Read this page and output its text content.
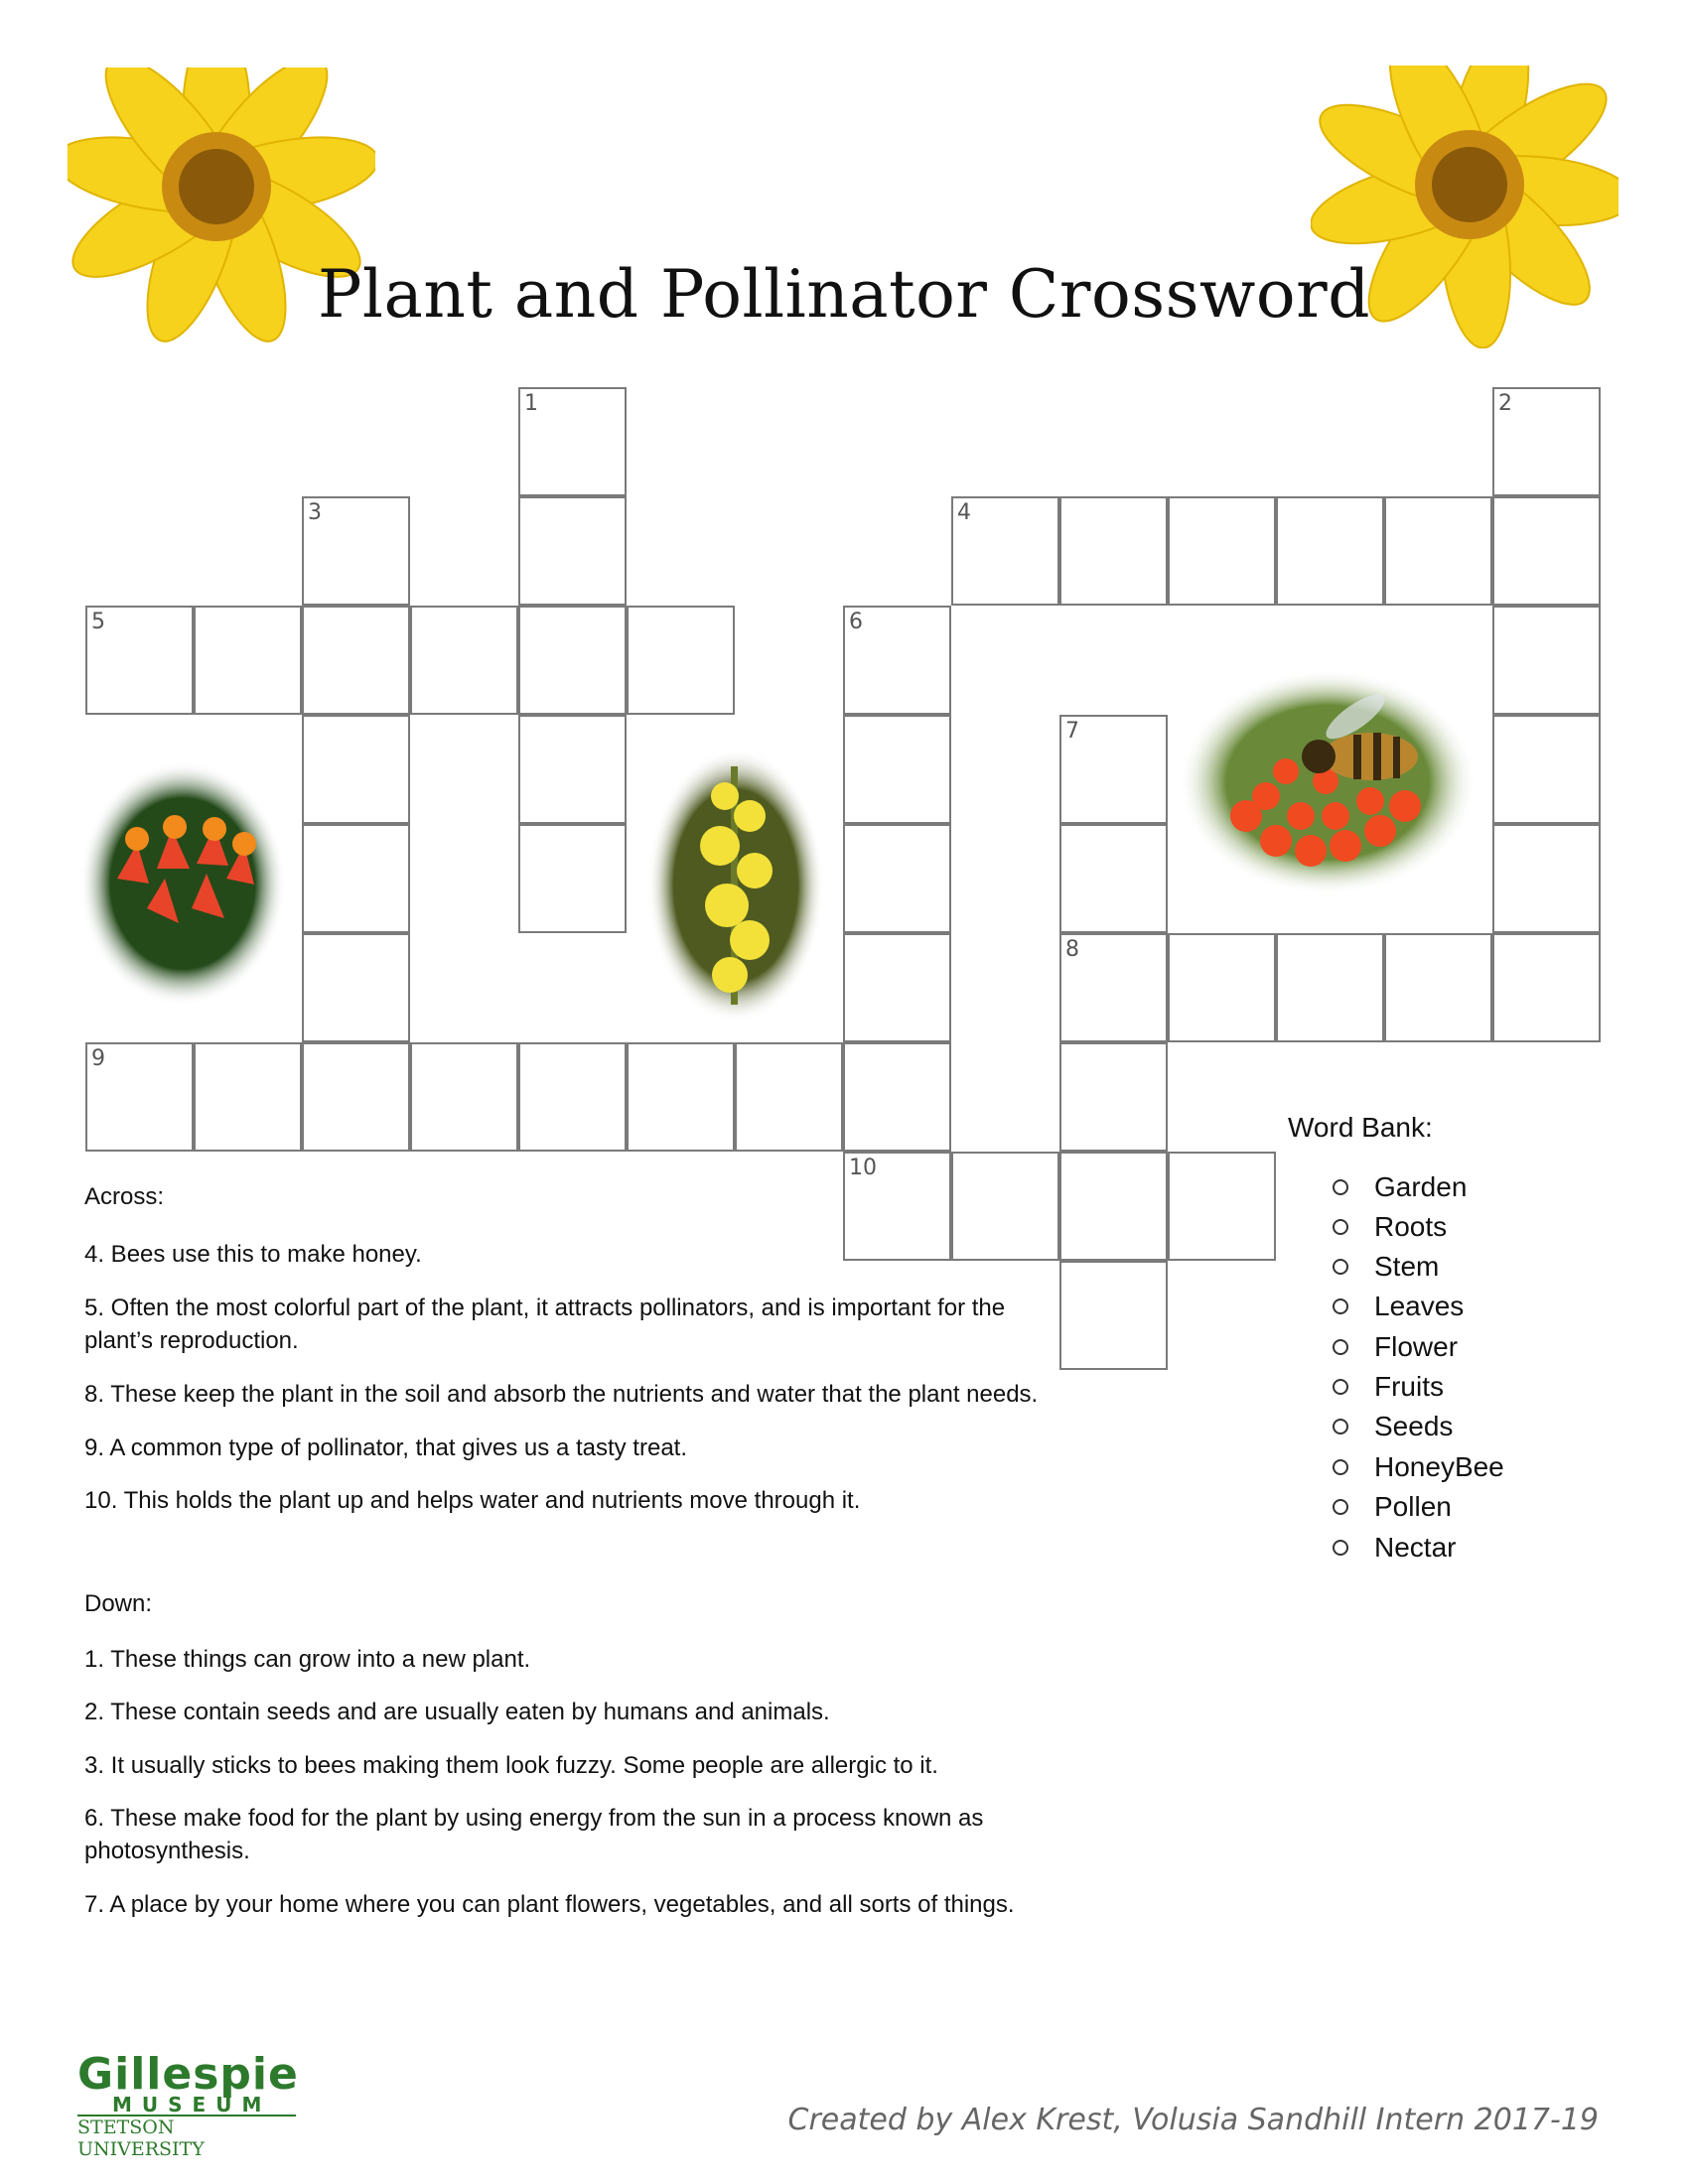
Plant and Pollinator Crossword
1	2
3	4
5	6
7
8
9
10
Across:
4. Bees use this to make honey.
5. Often the most colorful part of the plant, it attracts pollinators, and is important for the plant’s reproduction.
8. These keep the plant in the soil and absorb the nutrients and water that the plant needs.
9. A common type of pollinator, that gives us a tasty treat.
10. This holds the plant up and helps water and nutrients move through it.
Down:
1. These things can grow into a new plant.
2. These contain seeds and are usually eaten by humans and animals.
3. It usually sticks to bees making them look fuzzy. Some people are allergic to it.
6. These make food for the plant by using energy from the sun in a process known as photosynthesis.
7. A place by your home where you can plant flowers, vegetables, and all sorts of things.
Word Bank:
Garden
Roots
Stem
Leaves
Flower
Fruits
Seeds
HoneyBee
Pollen
Nectar
Gillespie
MUSEUM
STETSON UNIVERSITY
Created by Alex Krest, Volusia Sandhill Intern 2017-19
